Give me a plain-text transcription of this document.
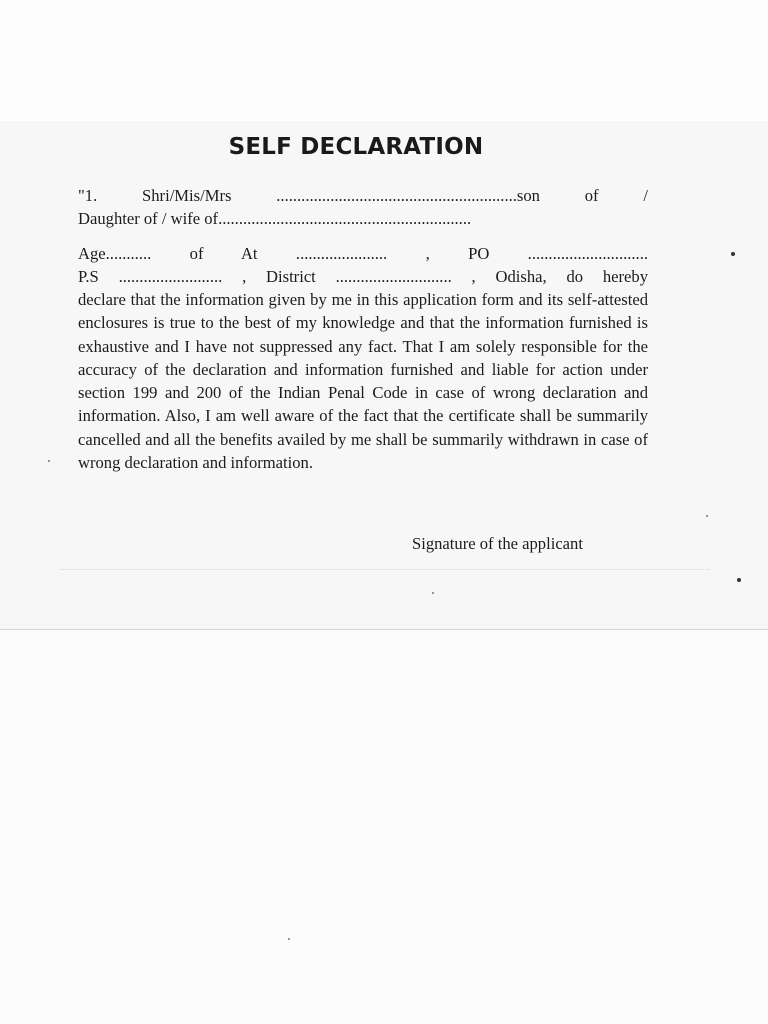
SELF DECLARATION
"1. Shri/Mis/Mrs ..........................................................son of /
Daughter of / wife of.............................................................
Age........... of At ...................... , PO .............................
P.S ......................... , District ............................ , Odisha, do hereby
declare that the information given by me in this application form and its self-attested enclosures is true to the best of my knowledge and that the information furnished is exhaustive and I have not suppressed any fact. That I am solely responsible for the accuracy of the declaration and information furnished and liable for action under section 199 and 200 of the Indian Penal Code in case of wrong declaration and information. Also, I am well aware of the fact that the certificate shall be summarily cancelled and all the benefits availed by me shall be summarily withdrawn in case of wrong declaration and information.
Signature of the applicant
